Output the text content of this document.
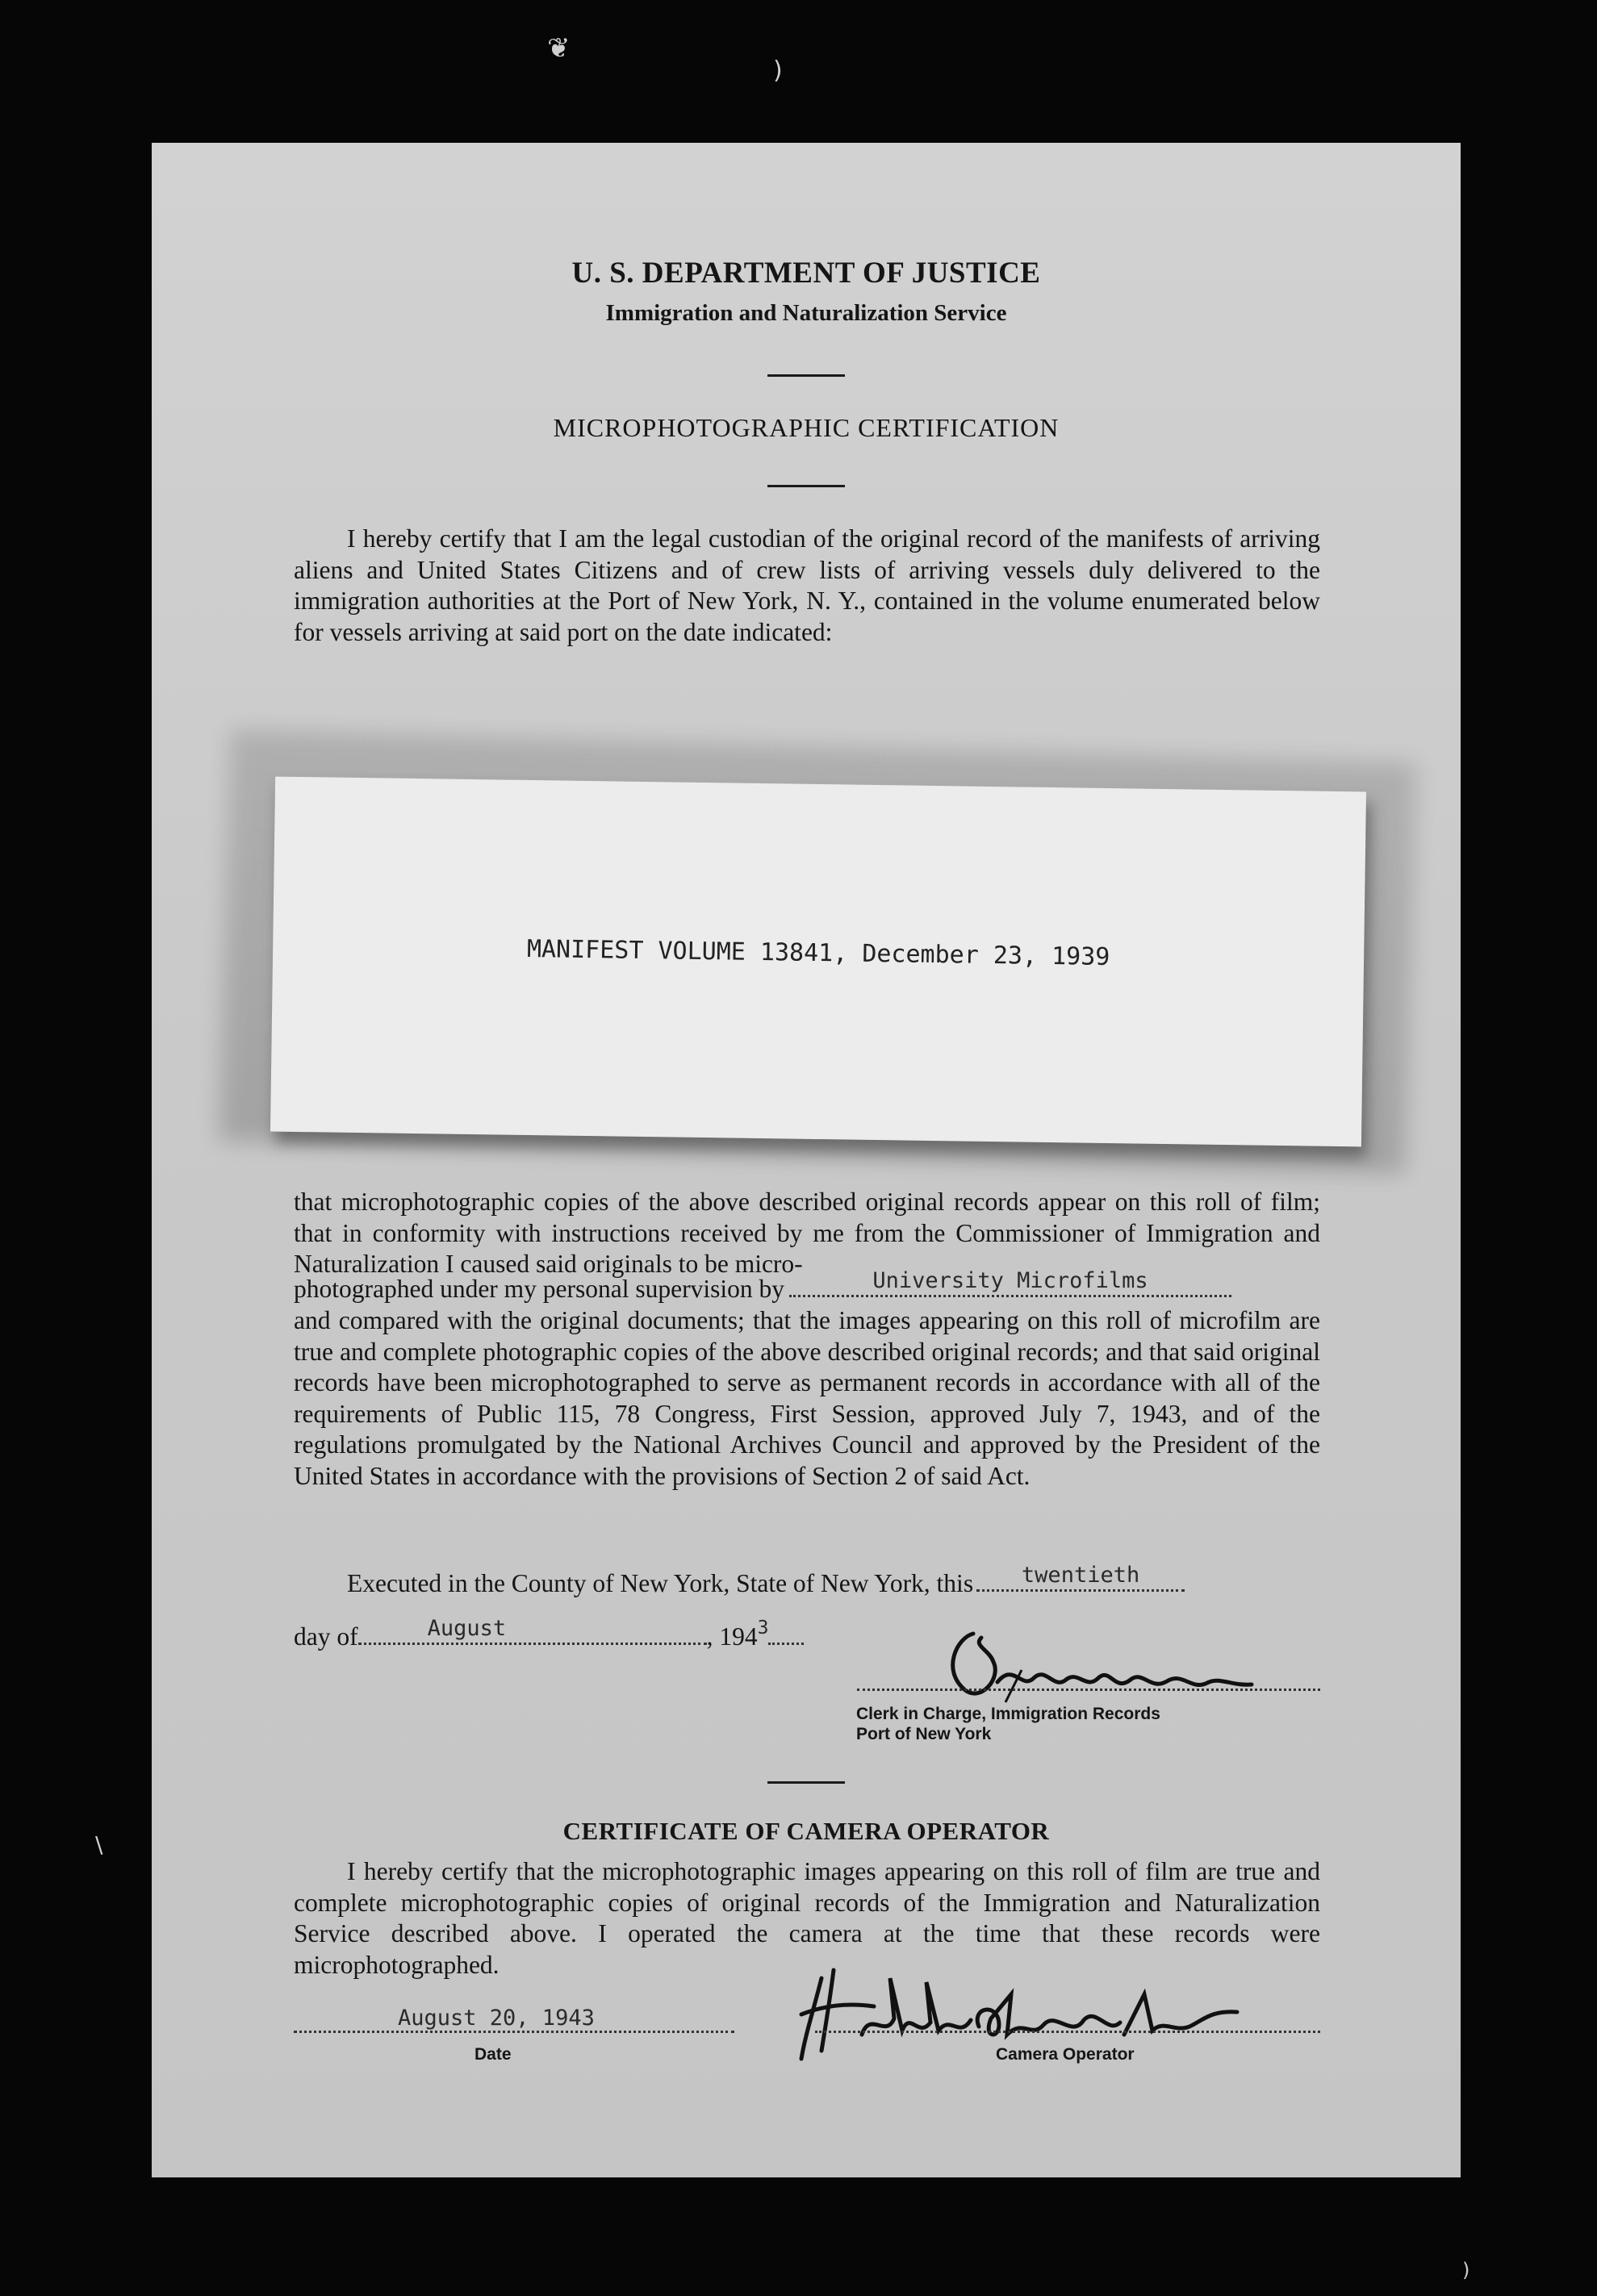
❦
)
\
)
U. S. DEPARTMENT OF JUSTICE
Immigration and Naturalization Service
MICROPHOTOGRAPHIC CERTIFICATION

I hereby certify that I am the legal custodian of the original record of the manifests of arriving aliens and United States Citizens and of crew lists of arriving vessels duly delivered to the immigration authorities at the Port of New York, N. Y., contained in the volume enumerated below for vessels arriving at said port on the date indicated:

MANIFEST VOLUME 13841, December 23, 1939

that microphotographic copies of the above described original records appear on this roll of film; that in conformity with instructions received by me from the Commissioner of Immigration and Naturalization I caused said originals to be micro-

photographed under my personal supervision by	University Microfilms

and compared with the original documents; that the images appearing on this roll of microfilm are true and complete photographic copies of the above described original records; and that said original records have been microphotographed to serve as permanent records in accordance with all of the requirements of Public 115, 78 Congress, First Session, approved July 7, 1943, and of the regulations promulgated by the National Archives Council and approved by the President of the United States in accordance with the provisions of Section 2 of said Act.

Executed in the County of New York, State of New York, this	twentieth
day of	August	, $194^3$
Clerk in Charge, Immigration Records
Port of New York
CERTIFICATE OF CAMERA OPERATOR

I hereby certify that the microphotographic images appearing on this roll of film are true and complete microphotographic copies of original records of the Immigration and Naturalization Service described above. I operated the camera at the time that these records were microphotographed.

August 20, 1943
Date	Camera Operator
